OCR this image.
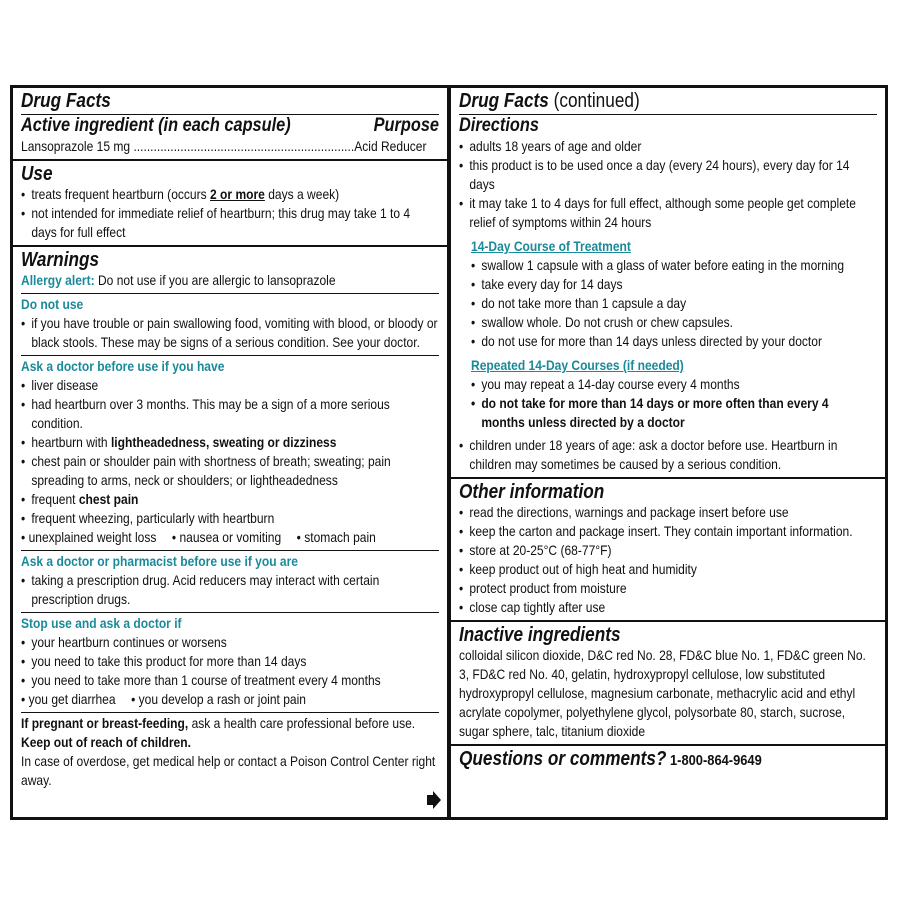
Drug Facts
Active ingredient (in each capsule)	Purpose
Lansoprazole 15 mg ..................................................................Acid Reducer
Use
• treats frequent heartburn (occurs 2 or more days a week)
• not intended for immediate relief of heartburn; this drug may take 1 to 4 days for full effect
Warnings
Allergy alert: Do not use if you are allergic to lansoprazole
Do not use
• if you have trouble or pain swallowing food, vomiting with blood, or bloody or black stools. These may be signs of a serious condition. See your doctor.
Ask a doctor before use if you have
• liver disease
• had heartburn over 3 months. This may be a sign of a more serious condition.
• heartburn with lightheadedness, sweating or dizziness
• chest pain or shoulder pain with shortness of breath; sweating; pain spreading to arms, neck or shoulders; or lightheadedness
• frequent chest pain
• frequent wheezing, particularly with heartburn
• unexplained weight loss • nausea or vomiting • stomach pain
Ask a doctor or pharmacist before use if you are
• taking a prescription drug. Acid reducers may interact with certain prescription drugs.
Stop use and ask a doctor if
• your heartburn continues or worsens
• you need to take this product for more than 14 days
• you need to take more than 1 course of treatment every 4 months
• you get diarrhea • you develop a rash or joint pain
If pregnant or breast-feeding, ask a health care professional before use.
Keep out of reach of children.
In case of overdose, get medical help or contact a Poison Control Center right away.
Drug Facts (continued)
Directions
• adults 18 years of age and older
• this product is to be used once a day (every 24 hours), every day for 14 days
• it may take 1 to 4 days for full effect, although some people get complete relief of symptoms within 24 hours
14-Day Course of Treatment
• swallow 1 capsule with a glass of water before eating in the morning
• take every day for 14 days
• do not take more than 1 capsule a day
• swallow whole. Do not crush or chew capsules.
• do not use for more than 14 days unless directed by your doctor
Repeated 14-Day Courses (if needed)
• you may repeat a 14-day course every 4 months
• do not take for more than 14 days or more often than every 4 months unless directed by a doctor
• children under 18 years of age: ask a doctor before use. Heartburn in children may sometimes be caused by a serious condition.
Other information
• read the directions, warnings and package insert before use
• keep the carton and package insert. They contain important information.
• store at 20-25°C (68-77°F)
• keep product out of high heat and humidity
• protect product from moisture
• close cap tightly after use
Inactive ingredients
colloidal silicon dioxide, D&C red No. 28, FD&C blue No. 1, FD&C green No. 3, FD&C red No. 40, gelatin, hydroxypropyl cellulose, low substituted hydroxypropyl cellulose, magnesium carbonate, methacrylic acid and ethyl acrylate copolymer, polyethylene glycol, polysorbate 80, starch, sucrose, sugar sphere, talc, titanium dioxide
Questions or comments? 1-800-864-9649
